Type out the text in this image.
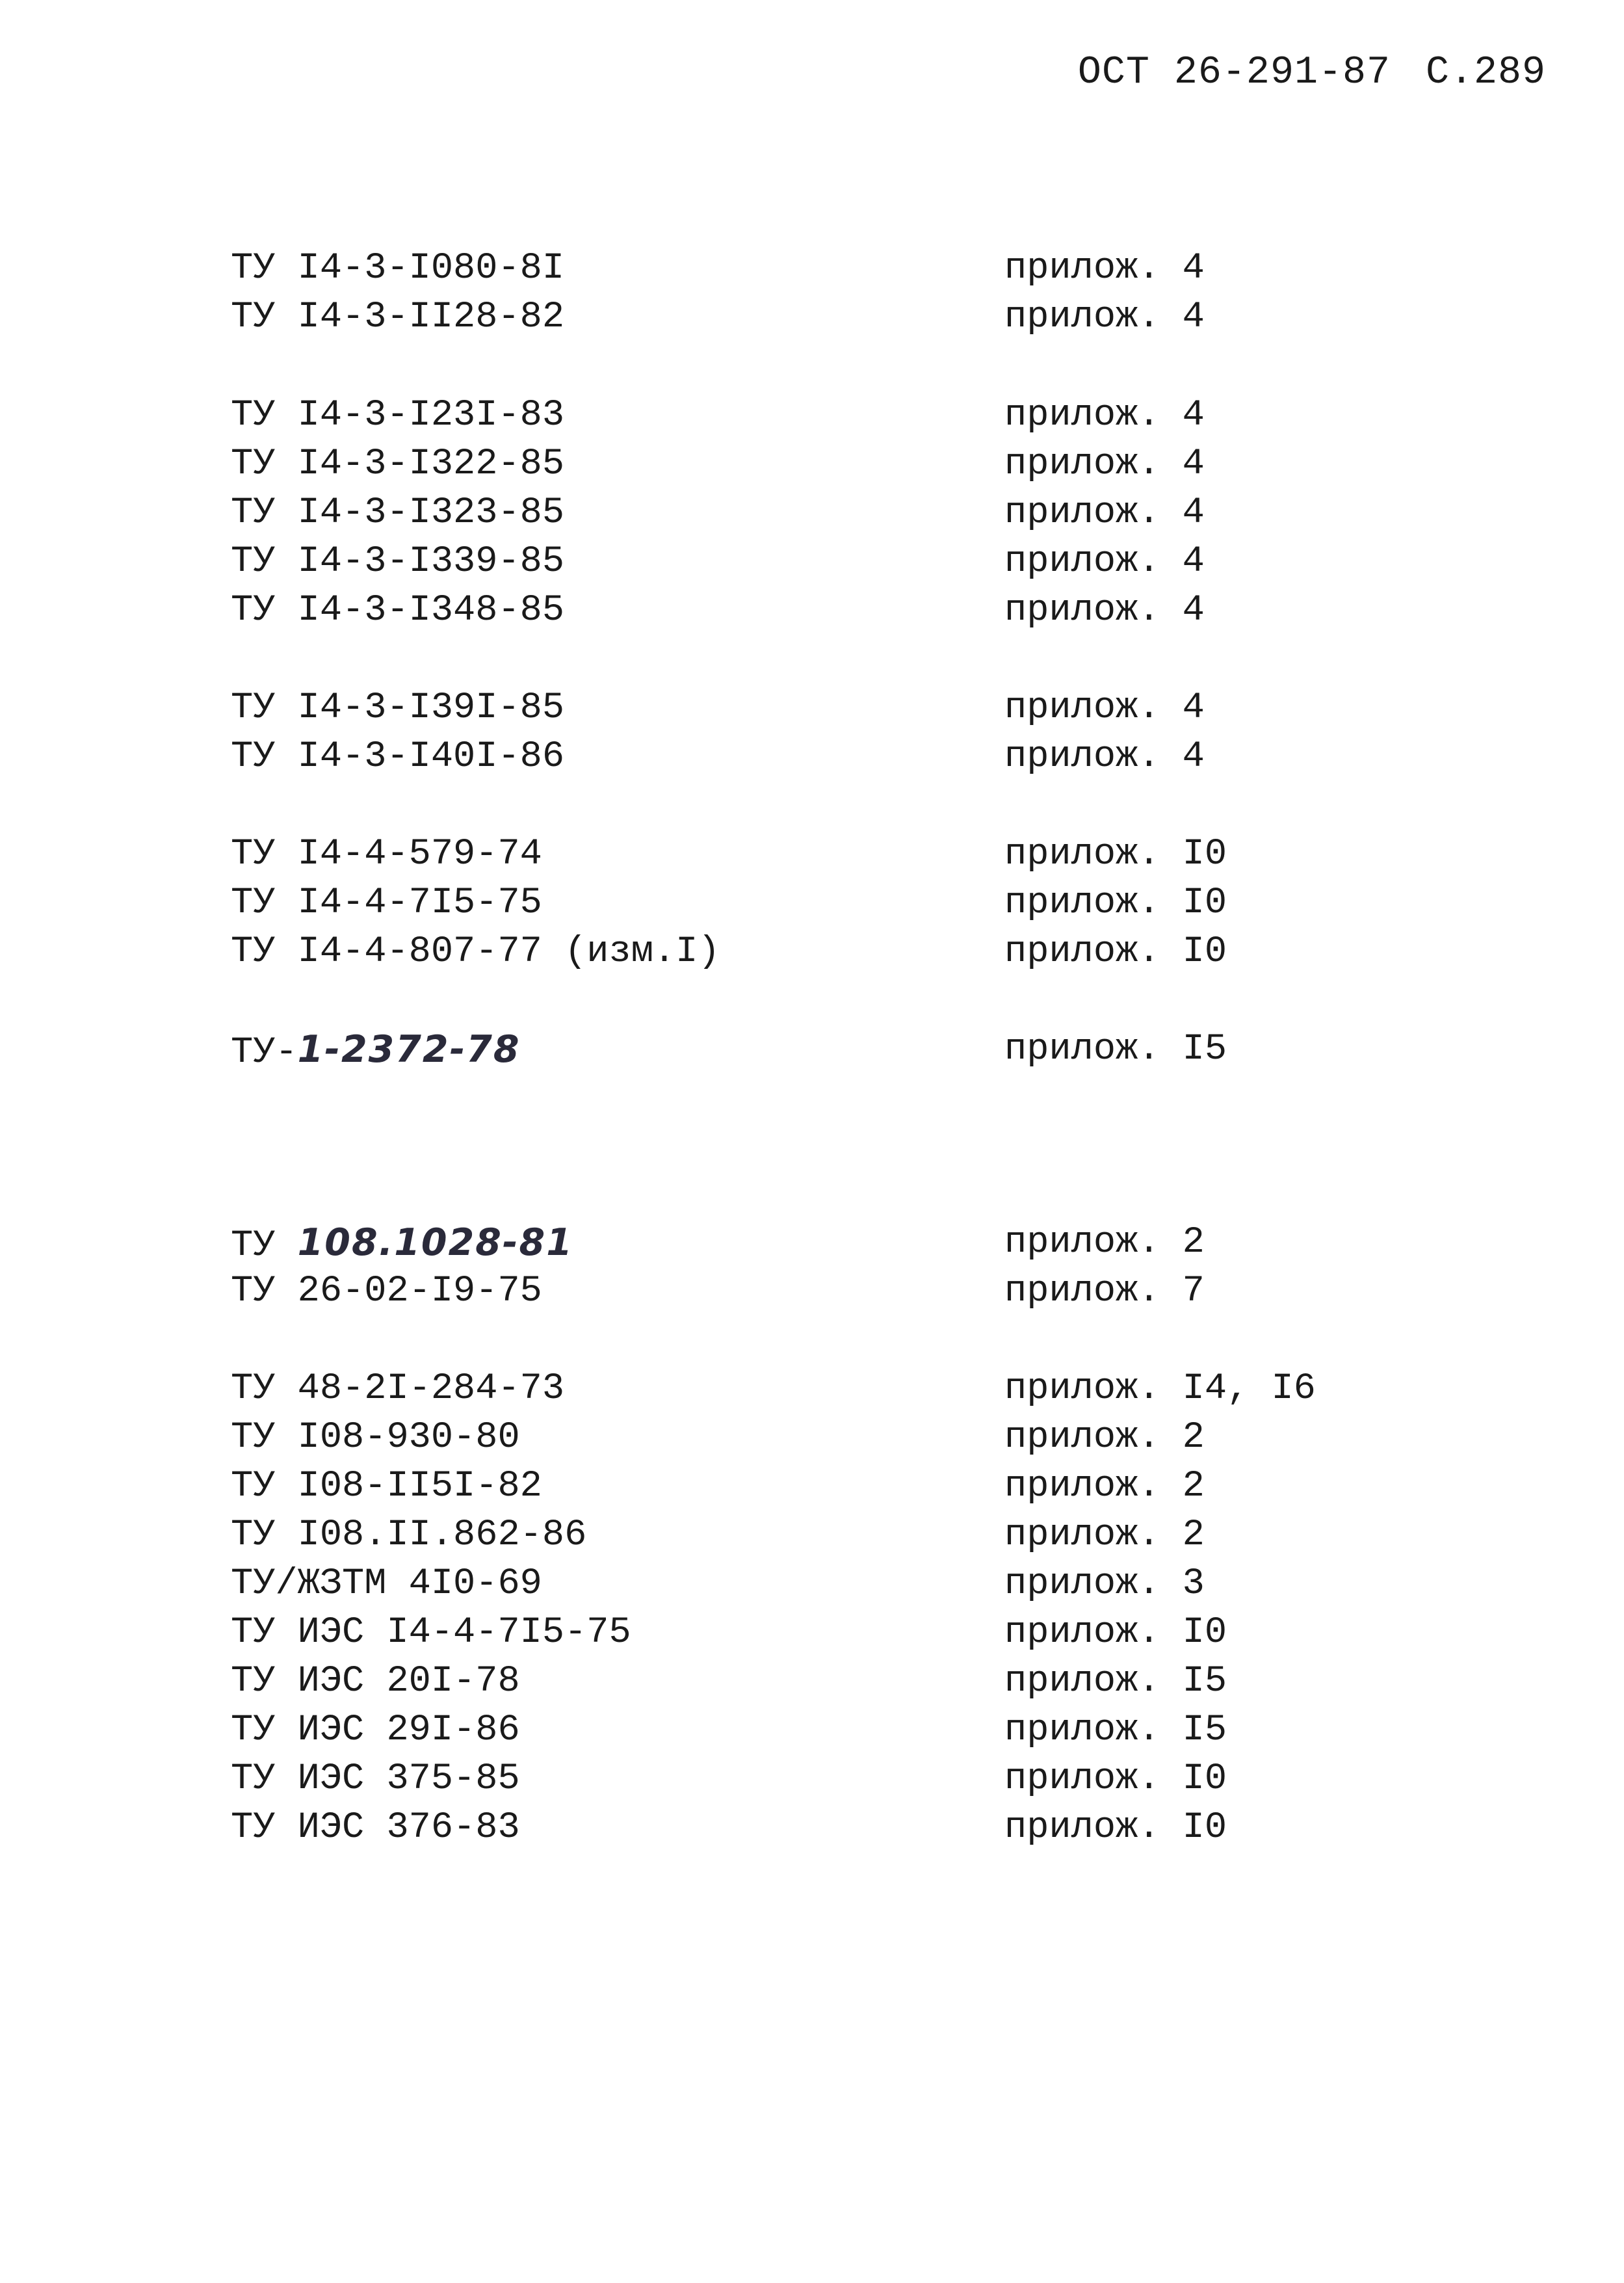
ОСТ 26-291-87 С.289
ТУ I4-3-I080-8I	прилож. 4
ТУ I4-3-II28-82	прилож. 4
ТУ I4-3-I23I-83	прилож. 4
ТУ I4-3-I322-85	прилож. 4
ТУ I4-3-I323-85	прилож. 4
ТУ I4-3-I339-85	прилож. 4
ТУ I4-3-I348-85	прилож. 4
ТУ I4-3-I39I-85	прилож. 4
ТУ I4-3-I40I-86	прилож. 4
ТУ I4-4-579-74	прилож. I0
ТУ I4-4-7I5-75	прилож. I0
ТУ I4-4-807-77 (изм.I)	прилож. I0
ТУ-1-2372-78	прилож. I5
ТУ 108.1028-81	прилож. 2
ТУ 26-02-I9-75	прилож. 7
ТУ 48-2I-284-73	прилож. I4, I6
ТУ I08-930-80	прилож. 2
ТУ I08-II5I-82	прилож. 2
ТУ I08.II.862-86	прилож. 2
ТУ/ЖЗТМ 4I0-69	прилож. 3
ТУ ИЭС I4-4-7I5-75	прилож. I0
ТУ ИЭС 20I-78	прилож. I5
ТУ ИЭС 29I-86	прилож. I5
ТУ ИЭС 375-85	прилож. I0
ТУ ИЭС 376-83	прилож. I0
